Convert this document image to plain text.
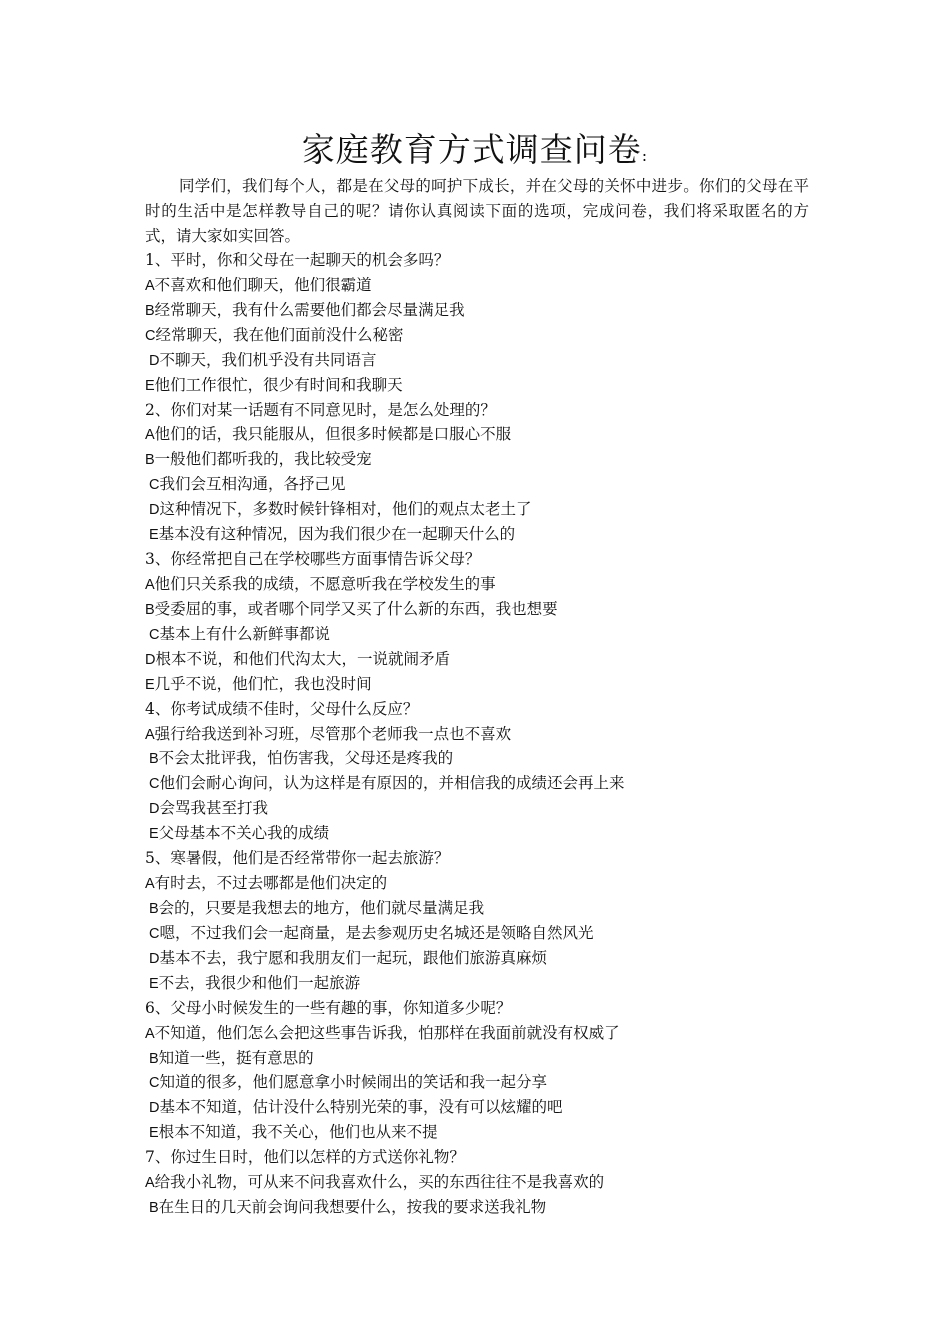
家庭教育方式调查问卷:
同学们，我们每个人，都是在父母的呵护下成长，并在父母的关怀中进步。你们的父母在平时的生活中是怎样教导自己的呢？请你认真阅读下面的选项，完成问卷，我们将采取匿名的方式，请大家如实回答。
1、平时，你和父母在一起聊天的机会多吗？
A不喜欢和他们聊天，他们很霸道
B经常聊天，我有什么需要他们都会尽量满足我
C经常聊天，我在他们面前没什么秘密
D不聊天，我们机乎没有共同语言
E他们工作很忙，很少有时间和我聊天
2、你们对某一话题有不同意见时，是怎么处理的？
A他们的话，我只能服从，但很多时候都是口服心不服
B一般他们都听我的，我比较受宠
C我们会互相沟通，各抒己见
D这种情况下，多数时候针锋相对，他们的观点太老土了
E基本没有这种情况，因为我们很少在一起聊天什么的
3、你经常把自己在学校哪些方面事情告诉父母？
A他们只关系我的成绩，不愿意听我在学校发生的事
B受委屈的事，或者哪个同学又买了什么新的东西，我也想要
C基本上有什么新鲜事都说
D根本不说，和他们代沟太大，一说就闹矛盾
E几乎不说，他们忙，我也没时间
4、你考试成绩不佳时，父母什么反应？
A强行给我送到补习班，尽管那个老师我一点也不喜欢
B不会太批评我，怕伤害我，父母还是疼我的
C他们会耐心询问，认为这样是有原因的，并相信我的成绩还会再上来
D会骂我甚至打我
E父母基本不关心我的成绩
5、寒暑假，他们是否经常带你一起去旅游？
A有时去，不过去哪都是他们决定的
B会的，只要是我想去的地方，他们就尽量满足我
C嗯，不过我们会一起商量，是去参观历史名城还是领略自然风光
D基本不去，我宁愿和我朋友们一起玩，跟他们旅游真麻烦
E不去，我很少和他们一起旅游
6、父母小时候发生的一些有趣的事，你知道多少呢？
A不知道，他们怎么会把这些事告诉我，怕那样在我面前就没有权威了
B知道一些，挺有意思的
C知道的很多，他们愿意拿小时候闹出的笑话和我一起分享
D基本不知道，估计没什么特别光荣的事，没有可以炫耀的吧
E根本不知道，我不关心，他们也从来不提
7、你过生日时，他们以怎样的方式送你礼物？
A给我小礼物，可从来不问我喜欢什么，买的东西往往不是我喜欢的
B在生日的几天前会询问我想要什么，按我的要求送我礼物
